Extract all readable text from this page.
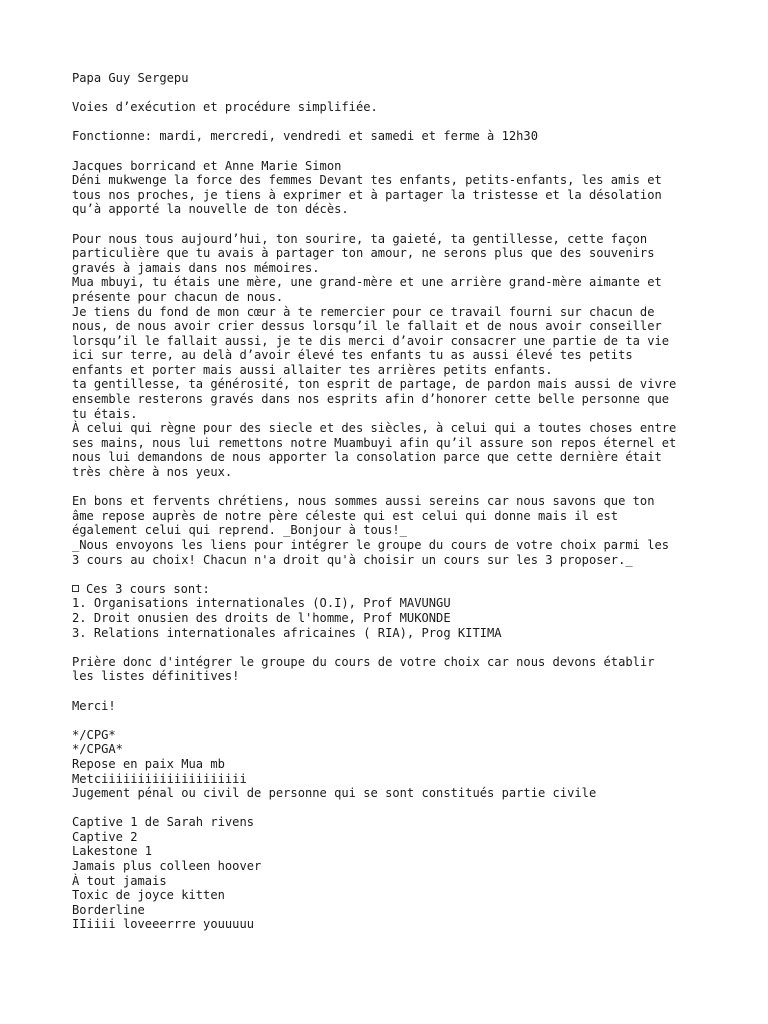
Papa Guy Sergepu
Voies d’exécution et procédure simplifiée.
Fonctionne: mardi, mercredi, vendredi et samedi et ferme à 12h30
Jacques borricand et Anne Marie Simon
Déni mukwenge la force des femmes Devant tes enfants, petits-enfants, les amis et
tous nos proches, je tiens à exprimer et à partager la tristesse et la désolation
qu’à apporté la nouvelle de ton décès.
Pour nous tous aujourd’hui, ton sourire, ta gaieté, ta gentillesse, cette façon
particulière que tu avais à partager ton amour, ne serons plus que des souvenirs
gravés à jamais dans nos mémoires.
Mua mbuyi, tu étais une mère, une grand-mère et une arrière grand-mère aimante et
présente pour chacun de nous.
Je tiens du fond de mon cœur à te remercier pour ce travail fourni sur chacun de
nous, de nous avoir crier dessus lorsqu’il le fallait et de nous avoir conseiller
lorsqu’il le fallait aussi, je te dis merci d’avoir consacrer une partie de ta vie
ici sur terre, au delà d’avoir élevé tes enfants tu as aussi élevé tes petits
enfants et porter mais aussi allaiter tes arrières petits enfants.
ta gentillesse, ta générosité, ton esprit de partage, de pardon mais aussi de vivre
ensemble resterons gravés dans nos esprits afin d’honorer cette belle personne que
tu étais.
À celui qui règne pour des siecle et des siècles, à celui qui a toutes choses entre
ses mains, nous lui remettons notre Muambuyi afin qu’il assure son repos éternel et
nous lui demandons de nous apporter la consolation parce que cette dernière était
très chère à nos yeux.
En bons et fervents chrétiens, nous sommes aussi sereins car nous savons que ton
âme repose auprès de notre père céleste qui est celui qui donne mais il est
également celui qui reprend. _Bonjour à tous!_
_Nous envoyons les liens pour intégrer le groupe du cours de votre choix parmi les
3 cours au choix! Chacun n'a droit qu'à choisir un cours sur les 3 proposer._
Ces 3 cours sont:
1. Organisations internationales (O.I), Prof MAVUNGU
2. Droit onusien des droits de l'homme, Prof MUKONDE
3. Relations internationales africaines ( RIA), Prog KITIMA
Prière donc d'intégrer le groupe du cours de votre choix car nous devons établir
les listes définitives!
Merci!
*/CPG*
*/CPGA*
Repose en paix Mua mb
Metciiiiiiiiiiiiiiiiiiii
Jugement pénal ou civil de personne qui se sont constitués partie civile
Captive 1 de Sarah rivens
Captive 2
Lakestone 1
Jamais plus colleen hoover
À tout jamais
Toxic de joyce kitten
Borderline
IIiiii loveeerrre youuuuu
